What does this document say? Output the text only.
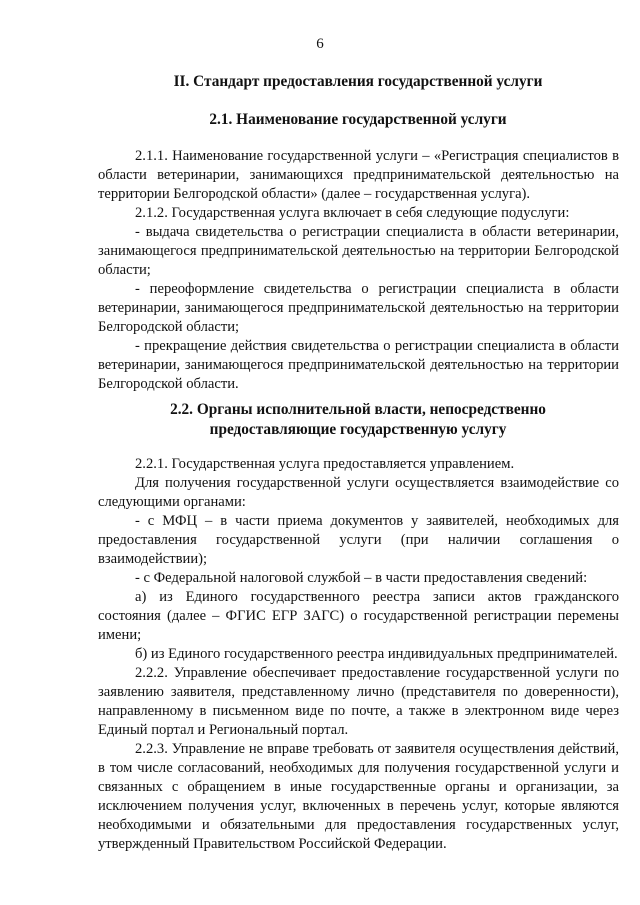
6
II. Стандарт предоставления государственной услуги
2.1. Наименование государственной услуги

2.1.1. Наименование государственной услуги – «Регистрация специалистов в области ветеринарии, занимающихся предпринимательской деятельностью на территории Белгородской области» (далее – государственная услуга).

2.1.2. Государственная услуга включает в себя следующие подуслуги:

- выдача свидетельства о регистрации специалиста в области ветеринарии, занимающегося предпринимательской деятельностью на территории Белгородской области;

- переоформление свидетельства о регистрации специалиста в области ветеринарии, занимающегося предпринимательской деятельностью на территории Белгородской области;

- прекращение действия свидетельства о регистрации специалиста в области ветеринарии, занимающегося предпринимательской деятельностью на территории Белгородской области.

2.2. Органы исполнительной власти, непосредственно
предоставляющие государственную услугу

2.2.1. Государственная услуга предоставляется управлением.

Для получения государственной услуги осуществляется взаимодействие со следующими органами:

- с МФЦ – в части приема документов у заявителей, необходимых для предоставления государственной услуги (при наличии соглашения о взаимодействии);

- с Федеральной налоговой службой – в части предоставления сведений:

а) из Единого государственного реестра записи актов гражданского состояния (далее – ФГИС ЕГР ЗАГС) о государственной регистрации перемены имени;

б) из Единого государственного реестра индивидуальных предпринимателей.

2.2.2. Управление обеспечивает предоставление государственной услуги по заявлению заявителя, представленному лично (представителя по доверенности), направленному в письменном виде по почте, а также в электронном виде через Единый портал и Региональный портал.

2.2.3. Управление не вправе требовать от заявителя осуществления действий, в том числе согласований, необходимых для получения государственной услуги и связанных с обращением в иные государственные органы и организации, за исключением получения услуг, включенных в перечень услуг, которые являются необходимыми и обязательными для предоставления государственных услуг, утвержденный Правительством Российской Федерации.
